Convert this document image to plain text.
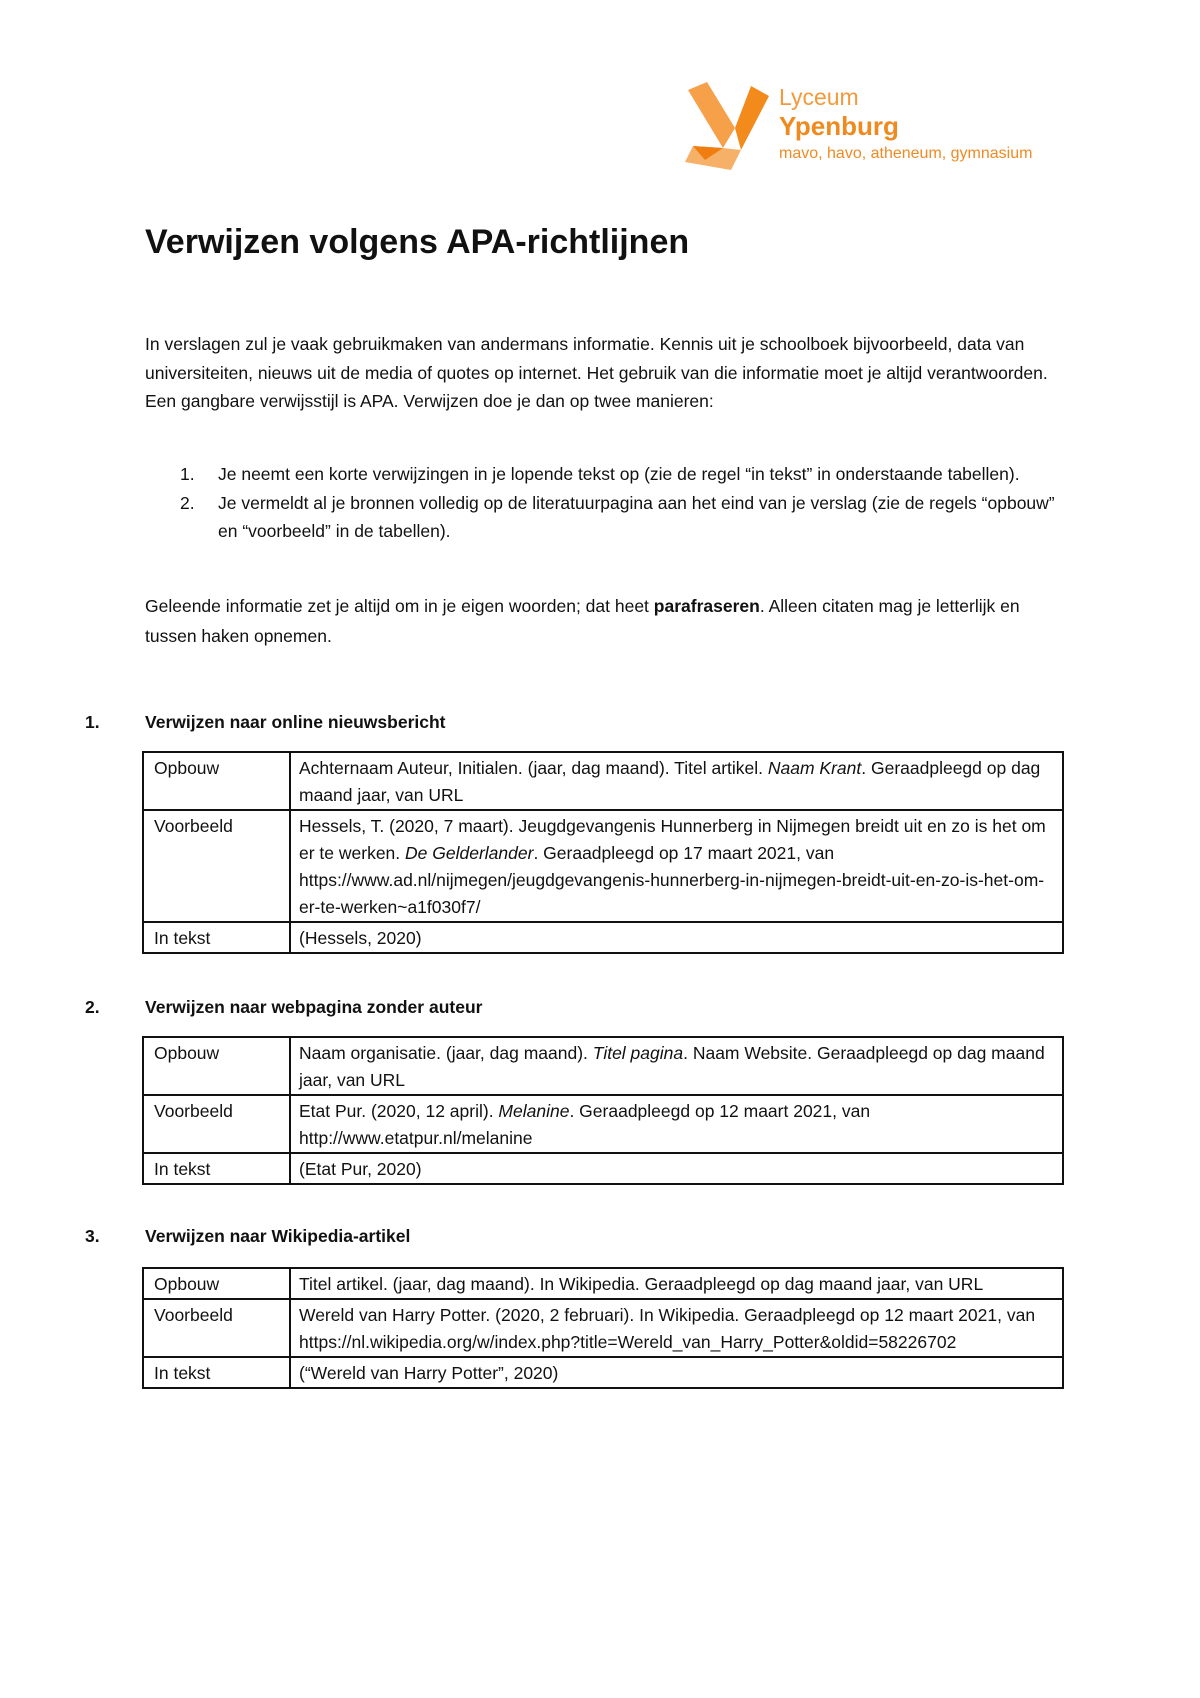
Lyceum
Ypenburg
mavo, havo, atheneum, gymnasium
Verwijzen volgens APA-richtlijnen

In verslagen zul je vaak gebruikmaken van andermans informatie. Kennis uit je schoolboek bijvoorbeeld, data van universiteiten, nieuws uit de media of quotes op internet. Het gebruik van die informatie moet je altijd verantwoorden. Een gangbare verwijsstijl is APA. Verwijzen doe je dan op twee manieren:

1. Je neemt een korte verwijzingen in je lopende tekst op (zie de regel “in tekst” in onderstaande tabellen).
2. Je vermeldt al je bronnen volledig op de literatuurpagina aan het eind van je verslag (zie de regels “opbouw” en “voorbeeld” in de tabellen).

Geleende informatie zet je altijd om in je eigen woorden; dat heet parafraseren. Alleen citaten mag je letterlijk en tussen haken opnemen.

1.	Verwijzen naar online nieuwsbericht
Opbouw	Achternaam Auteur, Initialen. (jaar, dag maand). Titel artikel. Naam Krant. Geraadpleegd op dag maand jaar, van URL
Voorbeeld	Hessels, T. (2020, 7 maart). Jeugdgevangenis Hunnerberg in Nijmegen breidt uit en zo is het om er te werken. De Gelderlander. Geraadpleegd op 17 maart 2021, van https://www.ad.nl/nijmegen/jeugdgevangenis-hunnerberg-in-nijmegen-breidt-uit-en-zo-is-het-om-er-te-werken~a1f030f7/
In tekst	(Hessels, 2020)
2.	Verwijzen naar webpagina zonder auteur
Opbouw	Naam organisatie. (jaar, dag maand). Titel pagina. Naam Website. Geraadpleegd op dag maand jaar, van URL
Voorbeeld	Etat Pur. (2020, 12 april). Melanine. Geraadpleegd op 12 maart 2021, van http://www.etatpur.nl/melanine
In tekst	(Etat Pur, 2020)
3.	Verwijzen naar Wikipedia-artikel
Opbouw	Titel artikel. (jaar, dag maand). In Wikipedia. Geraadpleegd op dag maand jaar, van URL
Voorbeeld	Wereld van Harry Potter. (2020, 2 februari). In Wikipedia. Geraadpleegd op 12 maart 2021, van https://nl.wikipedia.org/w/index.php?title=Wereld_van_Harry_Potter&oldid=58226702
In tekst	(“Wereld van Harry Potter”, 2020)
